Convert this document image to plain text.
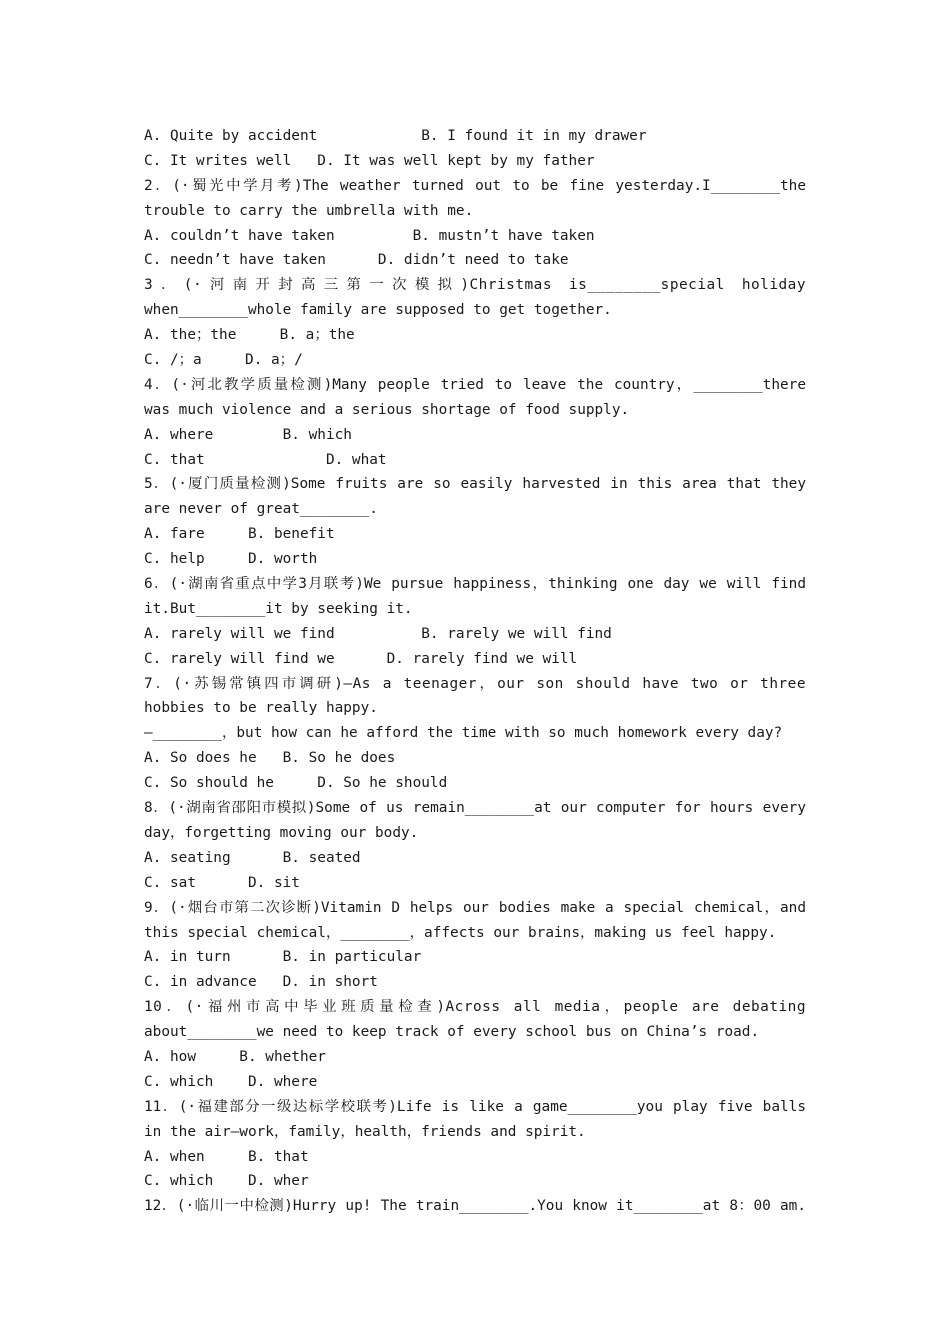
A. Quite by accident            B. I found it in my drawer
C. It writes well   D. It was well kept by my father
2．(·蜀光中学月考)The weather turned out to be fine yesterday.I________the
trouble to carry the umbrella with me.
A. couldn’t have taken         B. mustn’t have taken
C. needn’t have taken      D. didn’t need to take
3．(·河南开封高三第一次模拟)Christmas is________special holiday
when________whole family are supposed to get together.
A. the；the     B. a；the
C. /；a     D. a；/
4．(·河北教学质量检测)Many people tried to leave the country，________there
was much violence and a serious shortage of food supply.
A. where        B. which
C. that              D. what
5．(·厦门质量检测)Some fruits are so easily harvested in this area that they
are never of great________.
A. fare     B. benefit
C. help     D. worth
6．(·湖南省重点中学3月联考)We pursue happiness，thinking one day we will find
it.But________it by seeking it.
A. rarely will we find          B. rarely we will find
C. rarely will find we      D. rarely find we will
7．(·苏锡常镇四市调研)—As a teenager，our son should have two or three
hobbies to be really happy.
—________，but how can he afford the time with so much homework every day?
A. So does he   B. So he does
C. So should he     D. So he should
8．(·湖南省邵阳市模拟)Some of us remain________at our computer for hours every
day，forgetting moving our body.
A. seating      B. seated
C. sat      D. sit
9．(·烟台市第二次诊断)Vitamin D helps our bodies make a special chemical，and
this special chemical，________，affects our brains，making us feel happy.
A. in turn      B. in particular
C. in advance   D. in short
10．(·福州市高中毕业班质量检查)Across all media，people are debating
about________we need to keep track of every school bus on China’s road.
A. how     B. whether
C. which    D. where
11．(·福建部分一级达标学校联考)Life is like a game________you play five balls
in the air—work，family，health，friends and spirit.
A. when     B. that
C. which    D. wher
12．(·临川一中检测)Hurry up! The train________.You know it________at 8：00 am.
